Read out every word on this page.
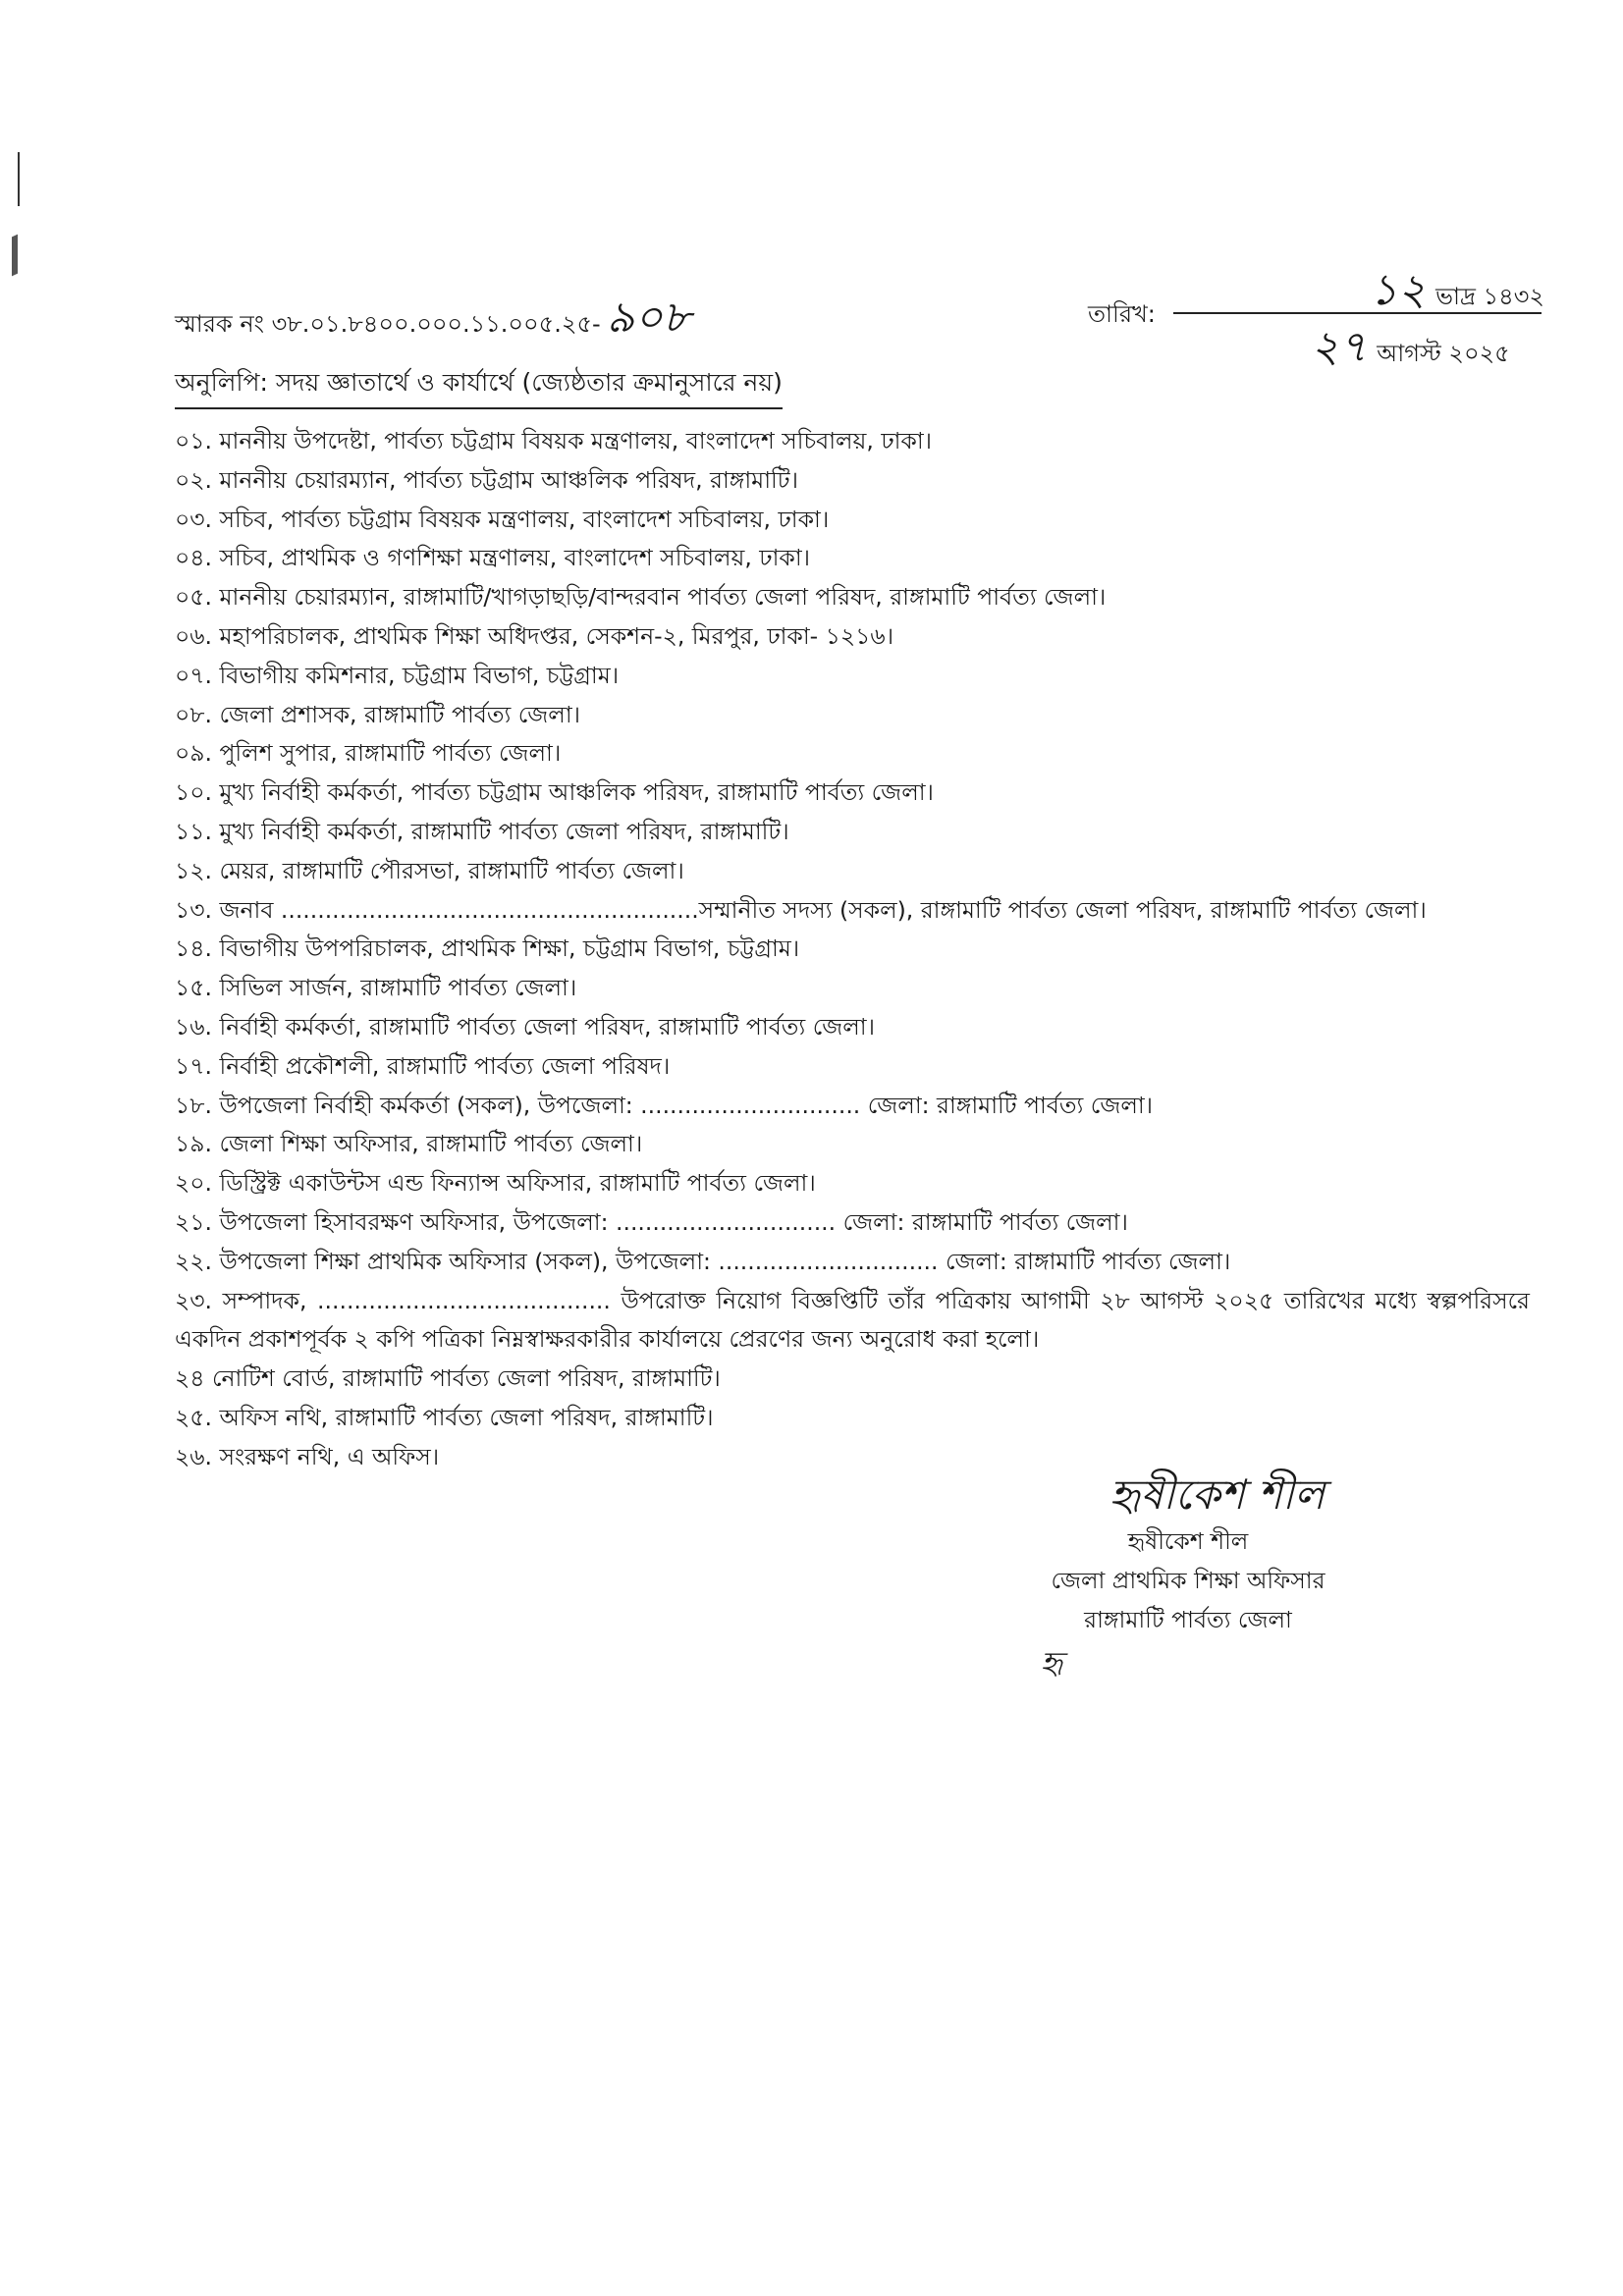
স্মারক নং ৩৮.০১.৮৪০০.০০০.১১.০০৫.২৫- ৯০৮	তারিখ:	১২ ভাদ্র ১৪৩২
২৭ আগস্ট ২০২৫
অনুলিপি: সদয় জ্ঞাতার্থে ও কার্যার্থে (জ্যেষ্ঠতার ক্রমানুসারে নয়)
০১. মাননীয় উপদেষ্টা, পার্বত্য চট্টগ্রাম বিষয়ক মন্ত্রণালয়, বাংলাদেশ সচিবালয়, ঢাকা।
০২. মাননীয় চেয়ারম্যান, পার্বত্য চট্টগ্রাম আঞ্চলিক পরিষদ, রাঙ্গামাটি।
০৩. সচিব, পার্বত্য চট্টগ্রাম বিষয়ক মন্ত্রণালয়, বাংলাদেশ সচিবালয়, ঢাকা।
০৪. সচিব, প্রাথমিক ও গণশিক্ষা মন্ত্রণালয়, বাংলাদেশ সচিবালয়, ঢাকা।
০৫. মাননীয় চেয়ারম্যান, রাঙ্গামাটি/খাগড়াছড়ি/বান্দরবান পার্বত্য জেলা পরিষদ, রাঙ্গামাটি পার্বত্য জেলা।
০৬. মহাপরিচালক, প্রাথমিক শিক্ষা অধিদপ্তর, সেকশন-২, মিরপুর, ঢাকা- ১২১৬।
০৭. বিভাগীয় কমিশনার, চট্টগ্রাম বিভাগ, চট্টগ্রাম।
০৮. জেলা প্রশাসক, রাঙ্গামাটি পার্বত্য জেলা।
০৯. পুলিশ সুপার, রাঙ্গামাটি পার্বত্য জেলা।
১০. মুখ্য নির্বাহী কর্মকর্তা, পার্বত্য চট্টগ্রাম আঞ্চলিক পরিষদ, রাঙ্গামাটি পার্বত্য জেলা।
১১. মুখ্য নির্বাহী কর্মকর্তা, রাঙ্গামাটি পার্বত্য জেলা পরিষদ, রাঙ্গামাটি।
১২. মেয়র, রাঙ্গামাটি পৌরসভা, রাঙ্গামাটি পার্বত্য জেলা।
১৩. জনাব .........................................................সম্মানীত সদস্য (সকল), রাঙ্গামাটি পার্বত্য জেলা পরিষদ, রাঙ্গামাটি পার্বত্য জেলা।
১৪. বিভাগীয় উপপরিচালক, প্রাথমিক শিক্ষা, চট্টগ্রাম বিভাগ, চট্টগ্রাম।
১৫. সিভিল সার্জন, রাঙ্গামাটি পার্বত্য জেলা।
১৬. নির্বাহী কর্মকর্তা, রাঙ্গামাটি পার্বত্য জেলা পরিষদ, রাঙ্গামাটি পার্বত্য জেলা।
১৭. নির্বাহী প্রকৌশলী, রাঙ্গামাটি পার্বত্য জেলা পরিষদ।
১৮. উপজেলা নির্বাহী কর্মকর্তা (সকল), উপজেলা: .............................. জেলা: রাঙ্গামাটি পার্বত্য জেলা।
১৯. জেলা শিক্ষা অফিসার, রাঙ্গামাটি পার্বত্য জেলা।
২০. ডিস্ট্রিক্ট একাউন্টস এন্ড ফিন্যান্স অফিসার, রাঙ্গামাটি পার্বত্য জেলা।
২১. উপজেলা হিসাবরক্ষণ অফিসার, উপজেলা: .............................. জেলা: রাঙ্গামাটি পার্বত্য জেলা।
২২. উপজেলা শিক্ষা প্রাথমিক অফিসার (সকল), উপজেলা: .............................. জেলা: রাঙ্গামাটি পার্বত্য জেলা।
২৩. সম্পাদক, ........................................ উপরোক্ত নিয়োগ বিজ্ঞপ্তিটি তাঁর পত্রিকায় আগামী ২৮ আগস্ট ২০২৫ তারিখের মধ্যে স্বল্পপরিসরে একদিন প্রকাশপূর্বক ২ কপি পত্রিকা নিম্নস্বাক্ষরকারীর কার্যালয়ে প্রেরণের জন্য অনুরোধ করা হলো।
২৪ নোটিশ বোর্ড, রাঙ্গামাটি পার্বত্য জেলা পরিষদ, রাঙ্গামাটি।
২৫. অফিস নথি, রাঙ্গামাটি পার্বত্য জেলা পরিষদ, রাঙ্গামাটি।
২৬. সংরক্ষণ নথি, এ অফিস।
হৃষীকেশ শীল
হৃষীকেশ শীল
জেলা প্রাথমিক শিক্ষা অফিসার
রাঙ্গামাটি পার্বত্য জেলা
হৃ
